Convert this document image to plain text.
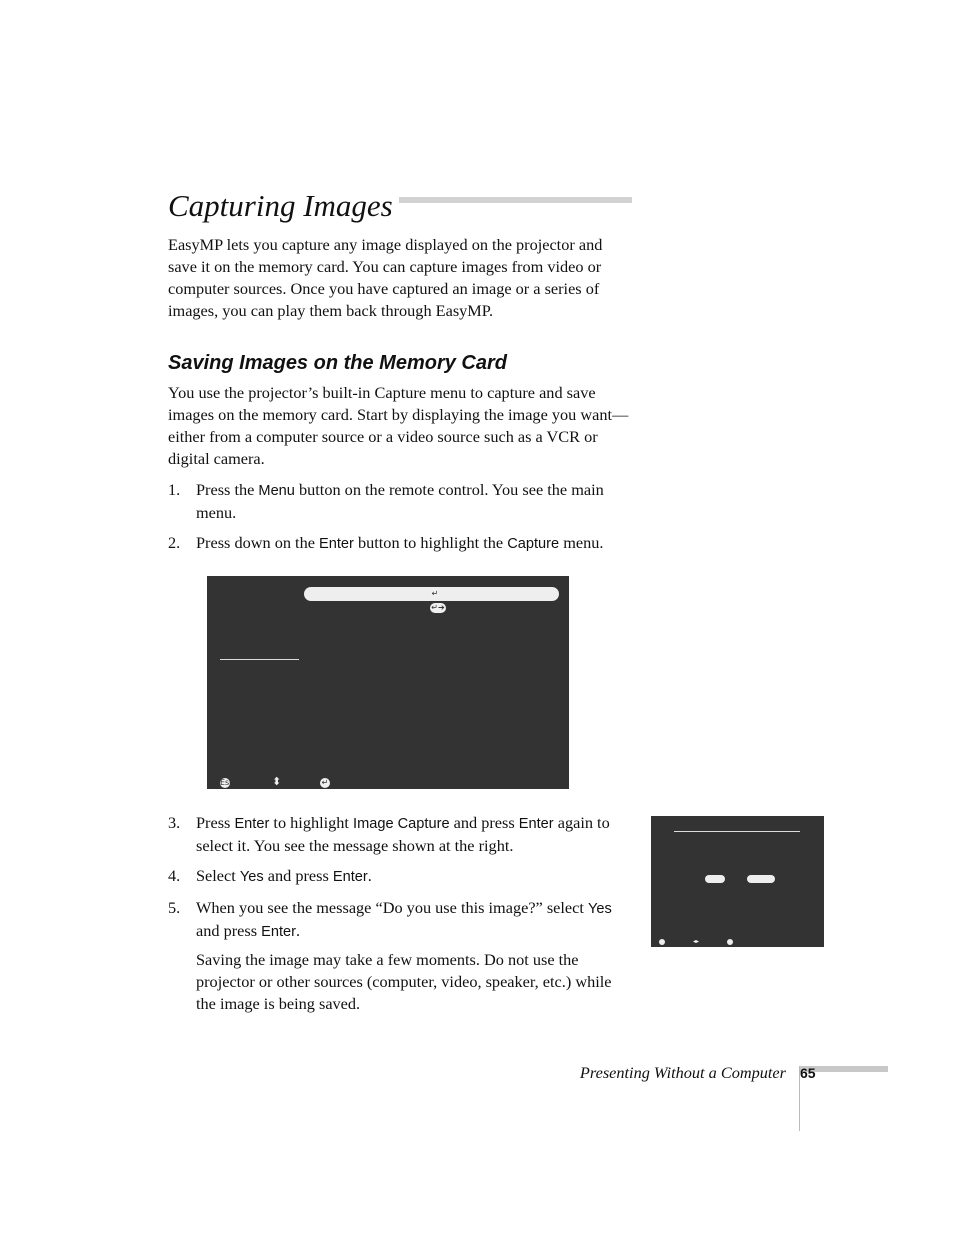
Capturing Images

EasyMP lets you capture any image displayed on the projector and save it on the memory card. You can capture images from video or computer sources. Once you have captured an image or a series of images, you can play them back through EasyMP.

Saving Images on the Memory Card

You use the projector’s built-in Capture menu to capture and save images on the memory card. Start by displaying the image you want—either from a computer source or a video source such as a VCR or digital camera.

1. Press the Menu button on the remote control. You see the main menu.
2. Press down on the Enter button to highlight the Capture menu.
↵
↵➔
Esc	⬍	↵
3. Press Enter to highlight Image Capture and press Enter again to select it. You see the message shown at the right.
4. Select Yes and press Enter.
5. When you see the message “Do you use this image?” select Yes and press Enter.

Saving the image may take a few moments. Do not use the projector or other sources (computer, video, speaker, etc.) while the image is being saved.

◂▸

Presenting Without a Computer 65
